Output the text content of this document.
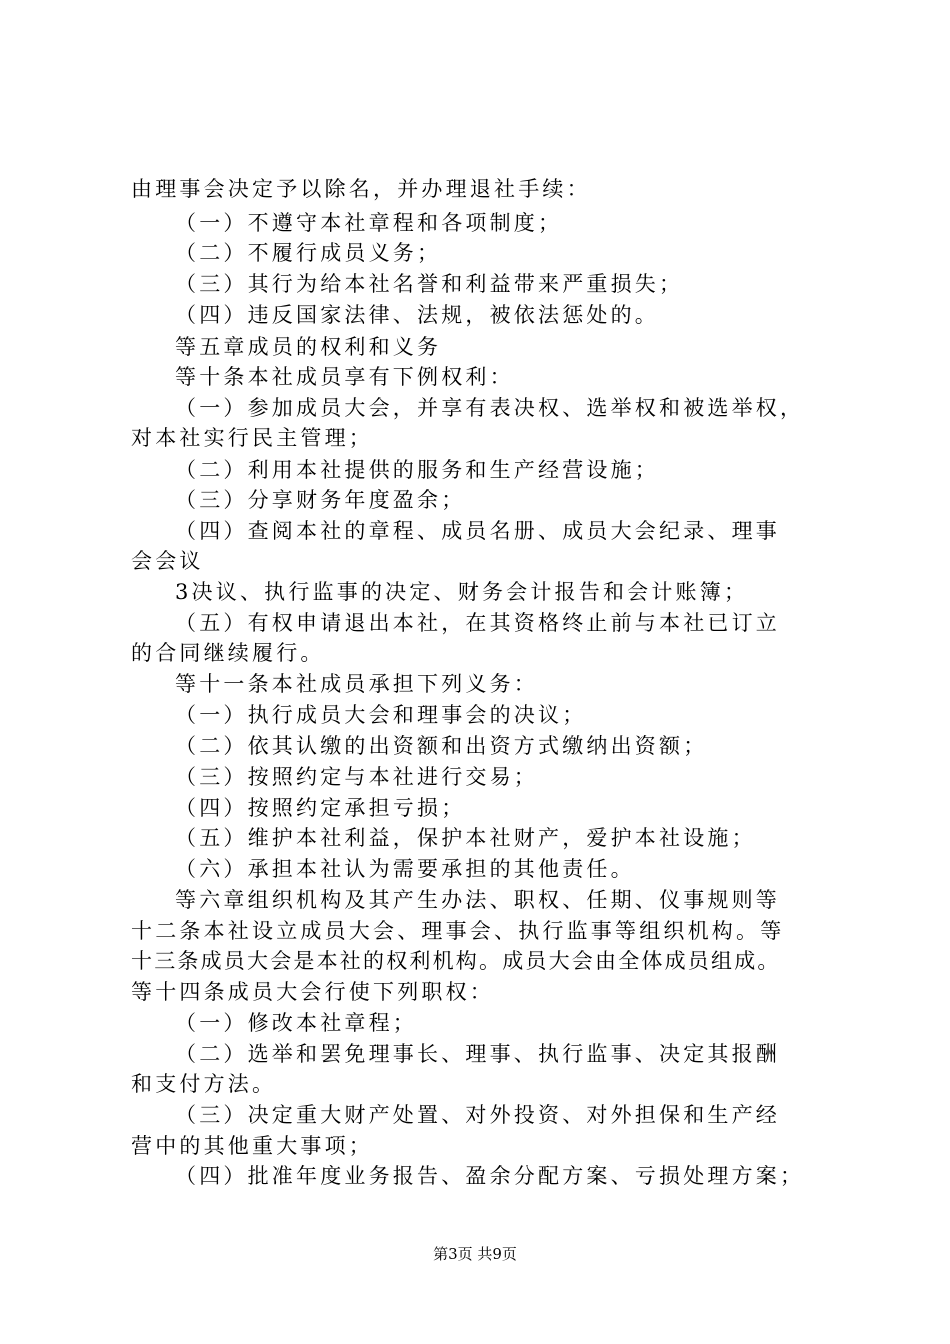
由理事会决定予以除名，并办理退社手续：
（一）不遵守本社章程和各项制度；
（二）不履行成员义务；
（三）其行为给本社名誉和利益带来严重损失；
（四）违反国家法律、法规，被依法惩处的。
等五章成员的权利和义务
等十条本社成员享有下例权利：
（一）参加成员大会，并享有表决权、选举权和被选举权，
对本社实行民主管理；
（二）利用本社提供的服务和生产经营设施；
（三）分享财务年度盈余；
（四）查阅本社的章程、成员名册、成员大会纪录、理事
会会议
3决议、执行监事的决定、财务会计报告和会计账簿；
（五）有权申请退出本社，在其资格终止前与本社已订立
的合同继续履行。
等十一条本社成员承担下列义务：
（一）执行成员大会和理事会的决议；
（二）依其认缴的出资额和出资方式缴纳出资额；
（三）按照约定与本社进行交易；
（四）按照约定承担亏损；
（五）维护本社利益，保护本社财产，爱护本社设施；
（六）承担本社认为需要承担的其他责任。
等六章组织机构及其产生办法、职权、任期、仪事规则等
十二条本社设立成员大会、理事会、执行监事等组织机构。等
十三条成员大会是本社的权利机构。成员大会由全体成员组成。
等十四条成员大会行使下列职权：
（一）修改本社章程；
（二）选举和罢免理事长、理事、执行监事、决定其报酬
和支付方法。
（三）决定重大财产处置、对外投资、对外担保和生产经
营中的其他重大事项；
（四）批准年度业务报告、盈余分配方案、亏损处理方案；
第3页 共9页
